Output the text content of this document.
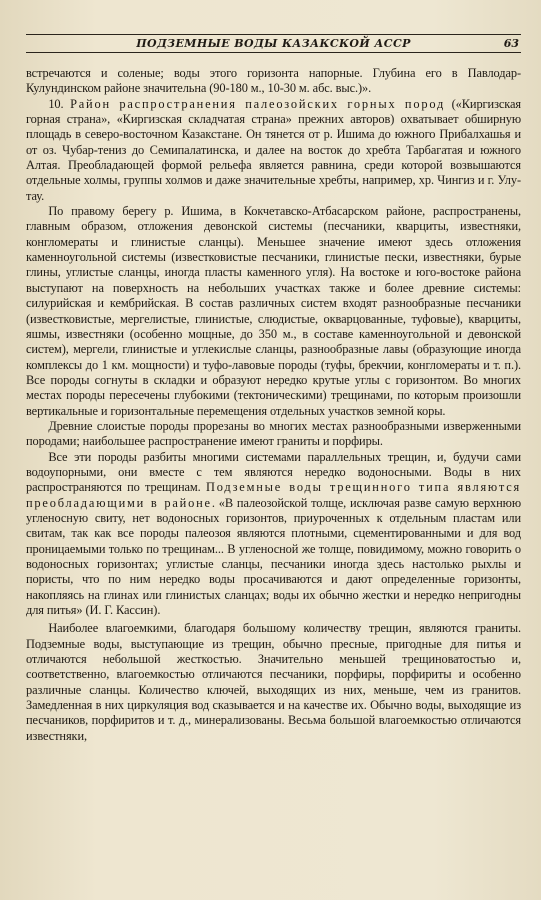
ПОДЗЕМНЫЕ ВОДЫ КАЗАКСКОЙ АССР	63

встречаются и соленые; воды этого горизонта напорные. Глубина его в Павлодар-Кулундинском районе значительна (90-180 м., 10-30 м. абс. выс.)».

10. Район распространения палеозойских горных пород («Киргизская горная страна», «Киргизская складчатая страна» прежних авторов) охватывает обширную площадь в северо-восточном Казакстане. Он тянется от р. Ишима до южного Прибалхашья и от оз. Чубар-тениз до Семипалатинска, и далее на восток до хребта Тарбагатая и южного Алтая. Преобладающей формой рельефа является равнина, среди которой возвышаются отдельные холмы, группы холмов и даже значительные хребты, например, хр. Чингиз и г. Улу-тау.

По правому берегу р. Ишима, в Кокчетавско-Атбасарском районе, распространены, главным образом, отложения девонской системы (песчаники, кварциты, известняки, конгломераты и глинистые сланцы). Меньшее значение имеют здесь отложения каменноугольной системы (известковистые песчаники, глинистые пески, известняки, бурые глины, углистые сланцы, иногда пласты каменного угля). На востоке и юго-востоке района выступают на поверхность на небольших участках также и более древние системы: силурийская и кембрийская. В состав различных систем входят разнообразные песчаники (известковистые, мергелистые, глинистые, слюдистые, окварцованные, туфовые), кварциты, яшмы, известняки (особенно мощные, до 350 м., в составе каменноугольной и девонской систем), мергели, глинистые и углекислые сланцы, разнообразные лавы (образующие иногда комплексы до 1 км. мощности) и туфо-лавовые породы (туфы, брекчии, конгломераты и т. п.). Все породы согнуты в складки и образуют нередко крутые углы с горизонтом. Во многих местах породы пересечены глубокими (тектоническими) трещинами, по которым произошли вертикальные и горизонтальные перемещения отдельных участков земной коры.

Древние слоистые породы прорезаны во многих местах разнообразными изверженными породами; наибольшее распространение имеют граниты и порфиры.

Все эти породы разбиты многими системами параллельных трещин, и, будучи сами водоупорными, они вместе с тем являются нередко водоносными. Воды в них распространяются по трещинам. Подземные воды трещинного типа являются преобладающими в районе. «В палеозойской толще, исключая разве самую верхнюю угленосную свиту, нет водоносных горизонтов, приуроченных к отдельным пластам или свитам, так как все породы палеозоя являются плотными, сцементированными и для вод проницаемыми только по трещинам... В угленосной же толще, повидимому, можно говорить о водоносных горизонтах; углистые сланцы, песчаники иногда здесь настолько рыхлы и пористы, что по ним нередко воды просачиваются и дают определенные горизонты, накопляясь на глинах или глинистых сланцах; воды их обычно жестки и нередко непригодны для питья» (И. Г. Кассин).

Наиболее влагоемкими, благодаря большому количеству трещин, являются граниты. Подземные воды, выступающие из трещин, обычно пресные, пригодные для питья и отличаются небольшой жесткостью. Значительно меньшей трещиноватостью и, соответственно, влагоемкостью отличаются песчаники, порфиры, порфириты и особенно различные сланцы. Количество ключей, выходящих из них, меньше, чем из гранитов. Замедленная в них циркуляция вод сказывается и на качестве их. Обычно воды, выходящие из песчаников, порфиритов и т. д., минерализованы. Весьма большой влагоемкостью отличаются известняки,
